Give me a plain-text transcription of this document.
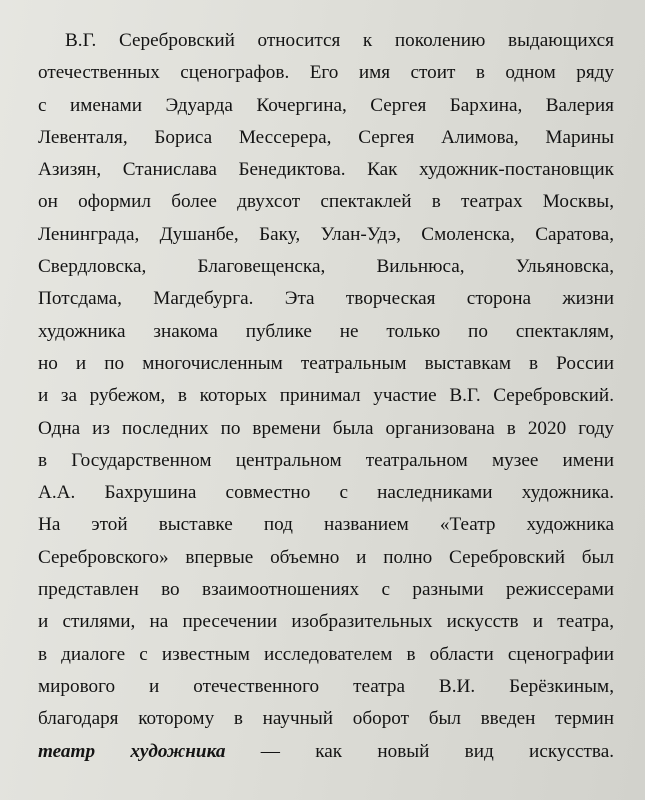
В.Г. Серебровский относится к поколению выдающихся
отечественных сценографов. Его имя стоит в одном ряду
с именами Эдуарда Кочергина, Сергея Бархина, Валерия
Левенталя, Бориса Мессерера, Сергея Алимова, Марины
Азизян, Станислава Бенедиктова. Как художник-постановщик
он оформил более двухсот спектаклей в театрах Москвы,
Ленинграда, Душанбе, Баку, Улан-Удэ, Смоленска, Саратова,
Свердловска, Благовещенска, Вильнюса, Ульяновска,
Потсдама, Магдебурга. Эта творческая сторона жизни
художника знакома публике не только по спектаклям,
но и по многочисленным театральным выставкам в России
и за рубежом, в которых принимал участие В.Г. Серебровский.
Одна из последних по времени была организована в 2020 году
в Государственном центральном театральном музее имени
А.А. Бахрушина совместно с наследниками художника.
На этой выставке под названием «Театр художника
Серебровского» впервые объемно и полно Серебровский был
представлен во взаимоотношениях с разными режиссерами
и стилями, на пресечении изобразительных искусств и театра,
в диалоге с известным исследователем в области сценографии
мирового и отечественного театра В.И. Берёзкиным,
благодаря которому в научный оборот был введен термин
театр художника — как новый вид искусства.
